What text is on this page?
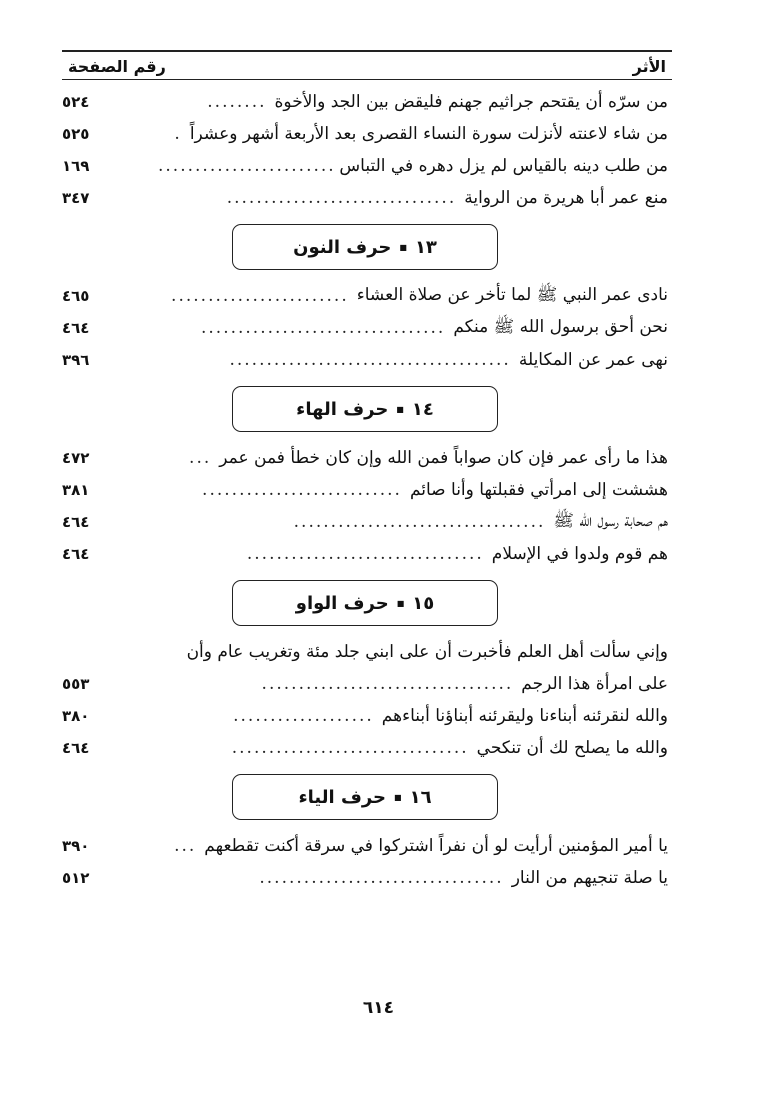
رقم الصفحة	الأثر
من سرّه أن يقتحم جراثيم جهنم فليقض بين الجد والأخوة
........
٥٢٤
من شاء لاعنته لأنزلت سورة النساء القصرى بعد الأربعة أشهر وعشراً
.
٥٢٥
من طلب دينه بالقياس لم يزل دهره في التباس
........................
١٦٩
منع عمر أبا هريرة من الرواية
...............................
٣٤٧
١٣
■
حرف النون
نادى عمر النبي ﷺ لما تأخر عن صلاة العشاء
........................
٤٦٥
نحن أحق برسول الله ﷺ منكم
.................................
٤٦٤
نهى عمر عن المكايلة
......................................
٣٩٦
١٤
■
حرف الهاء
هذا ما رأى عمر فإن كان صواباً فمن الله وإن كان خطأ فمن عمر
...
٤٧٢
هششت إلى امرأتي فقبلتها وأنا صائم
...........................
٣٨١
هم صحابة رسول الله ﷺ
..................................
٤٦٤
هم قوم ولدوا في الإسلام
................................
٤٦٤
١٥
■
حرف الواو
وإني سألت أهل العلم فأخبرت أن على ابني جلد مئة وتغريب عام وأن
على امرأة هذا الرجم
..................................
٥٥٣
والله لنقرئنه أبناءنا وليقرئنه أبناؤنا أبناءهم
...................
٣٨٠
والله ما يصلح لك أن تنكحي
................................
٤٦٤
١٦
■
حرف الياء
يا أمير المؤمنين أرأيت لو أن نفراً اشتركوا في سرقة أكنت تقطعهم
...
٣٩٠
يا صلة تنجيهم من النار
.................................
٥١٢
٦١٤
